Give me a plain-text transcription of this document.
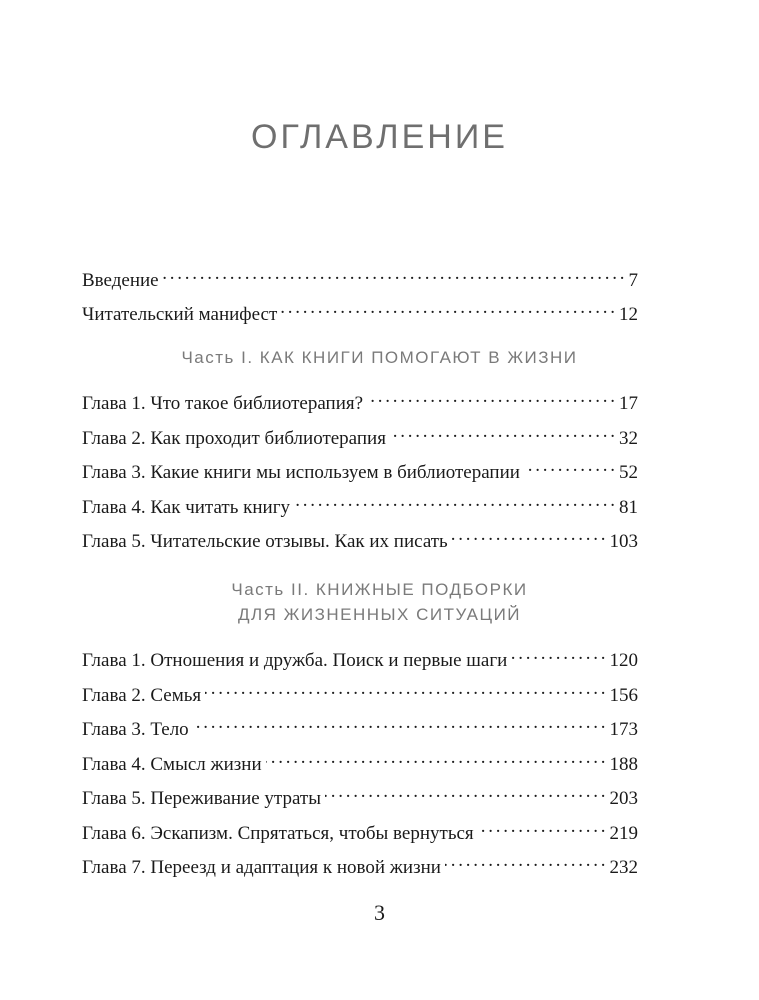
ОГЛАВЛЕНИЕ
Введение . . .	7
Читательский манифест . . .	12
Часть I. КАК КНИГИ ПОМОГАЮТ В ЖИЗНИ
Глава 1. Что такое библиотерапия? . . .	17
Глава 2. Как проходит библиотерапия . . .	32
Глава 3. Какие книги мы используем в библиотерапии . . .	52
Глава 4. Как читать книгу . . .	81
Глава 5. Читательские отзывы. Как их писать . . .	103
Часть II. КНИЖНЫЕ ПОДБОРКИ
ДЛЯ ЖИЗНЕННЫХ СИТУАЦИЙ
Глава 1. Отношения и дружба. Поиск и первые шаги . . .	120
Глава 2. Семья . . .	156
Глава 3. Тело . . .	173
Глава 4. Смысл жизни . . .	188
Глава 5. Переживание утраты . . .	203
Глава 6. Эскапизм. Спрятаться, чтобы вернуться . . .	219
Глава 7. Переезд и адаптация к новой жизни . . .	232
3
